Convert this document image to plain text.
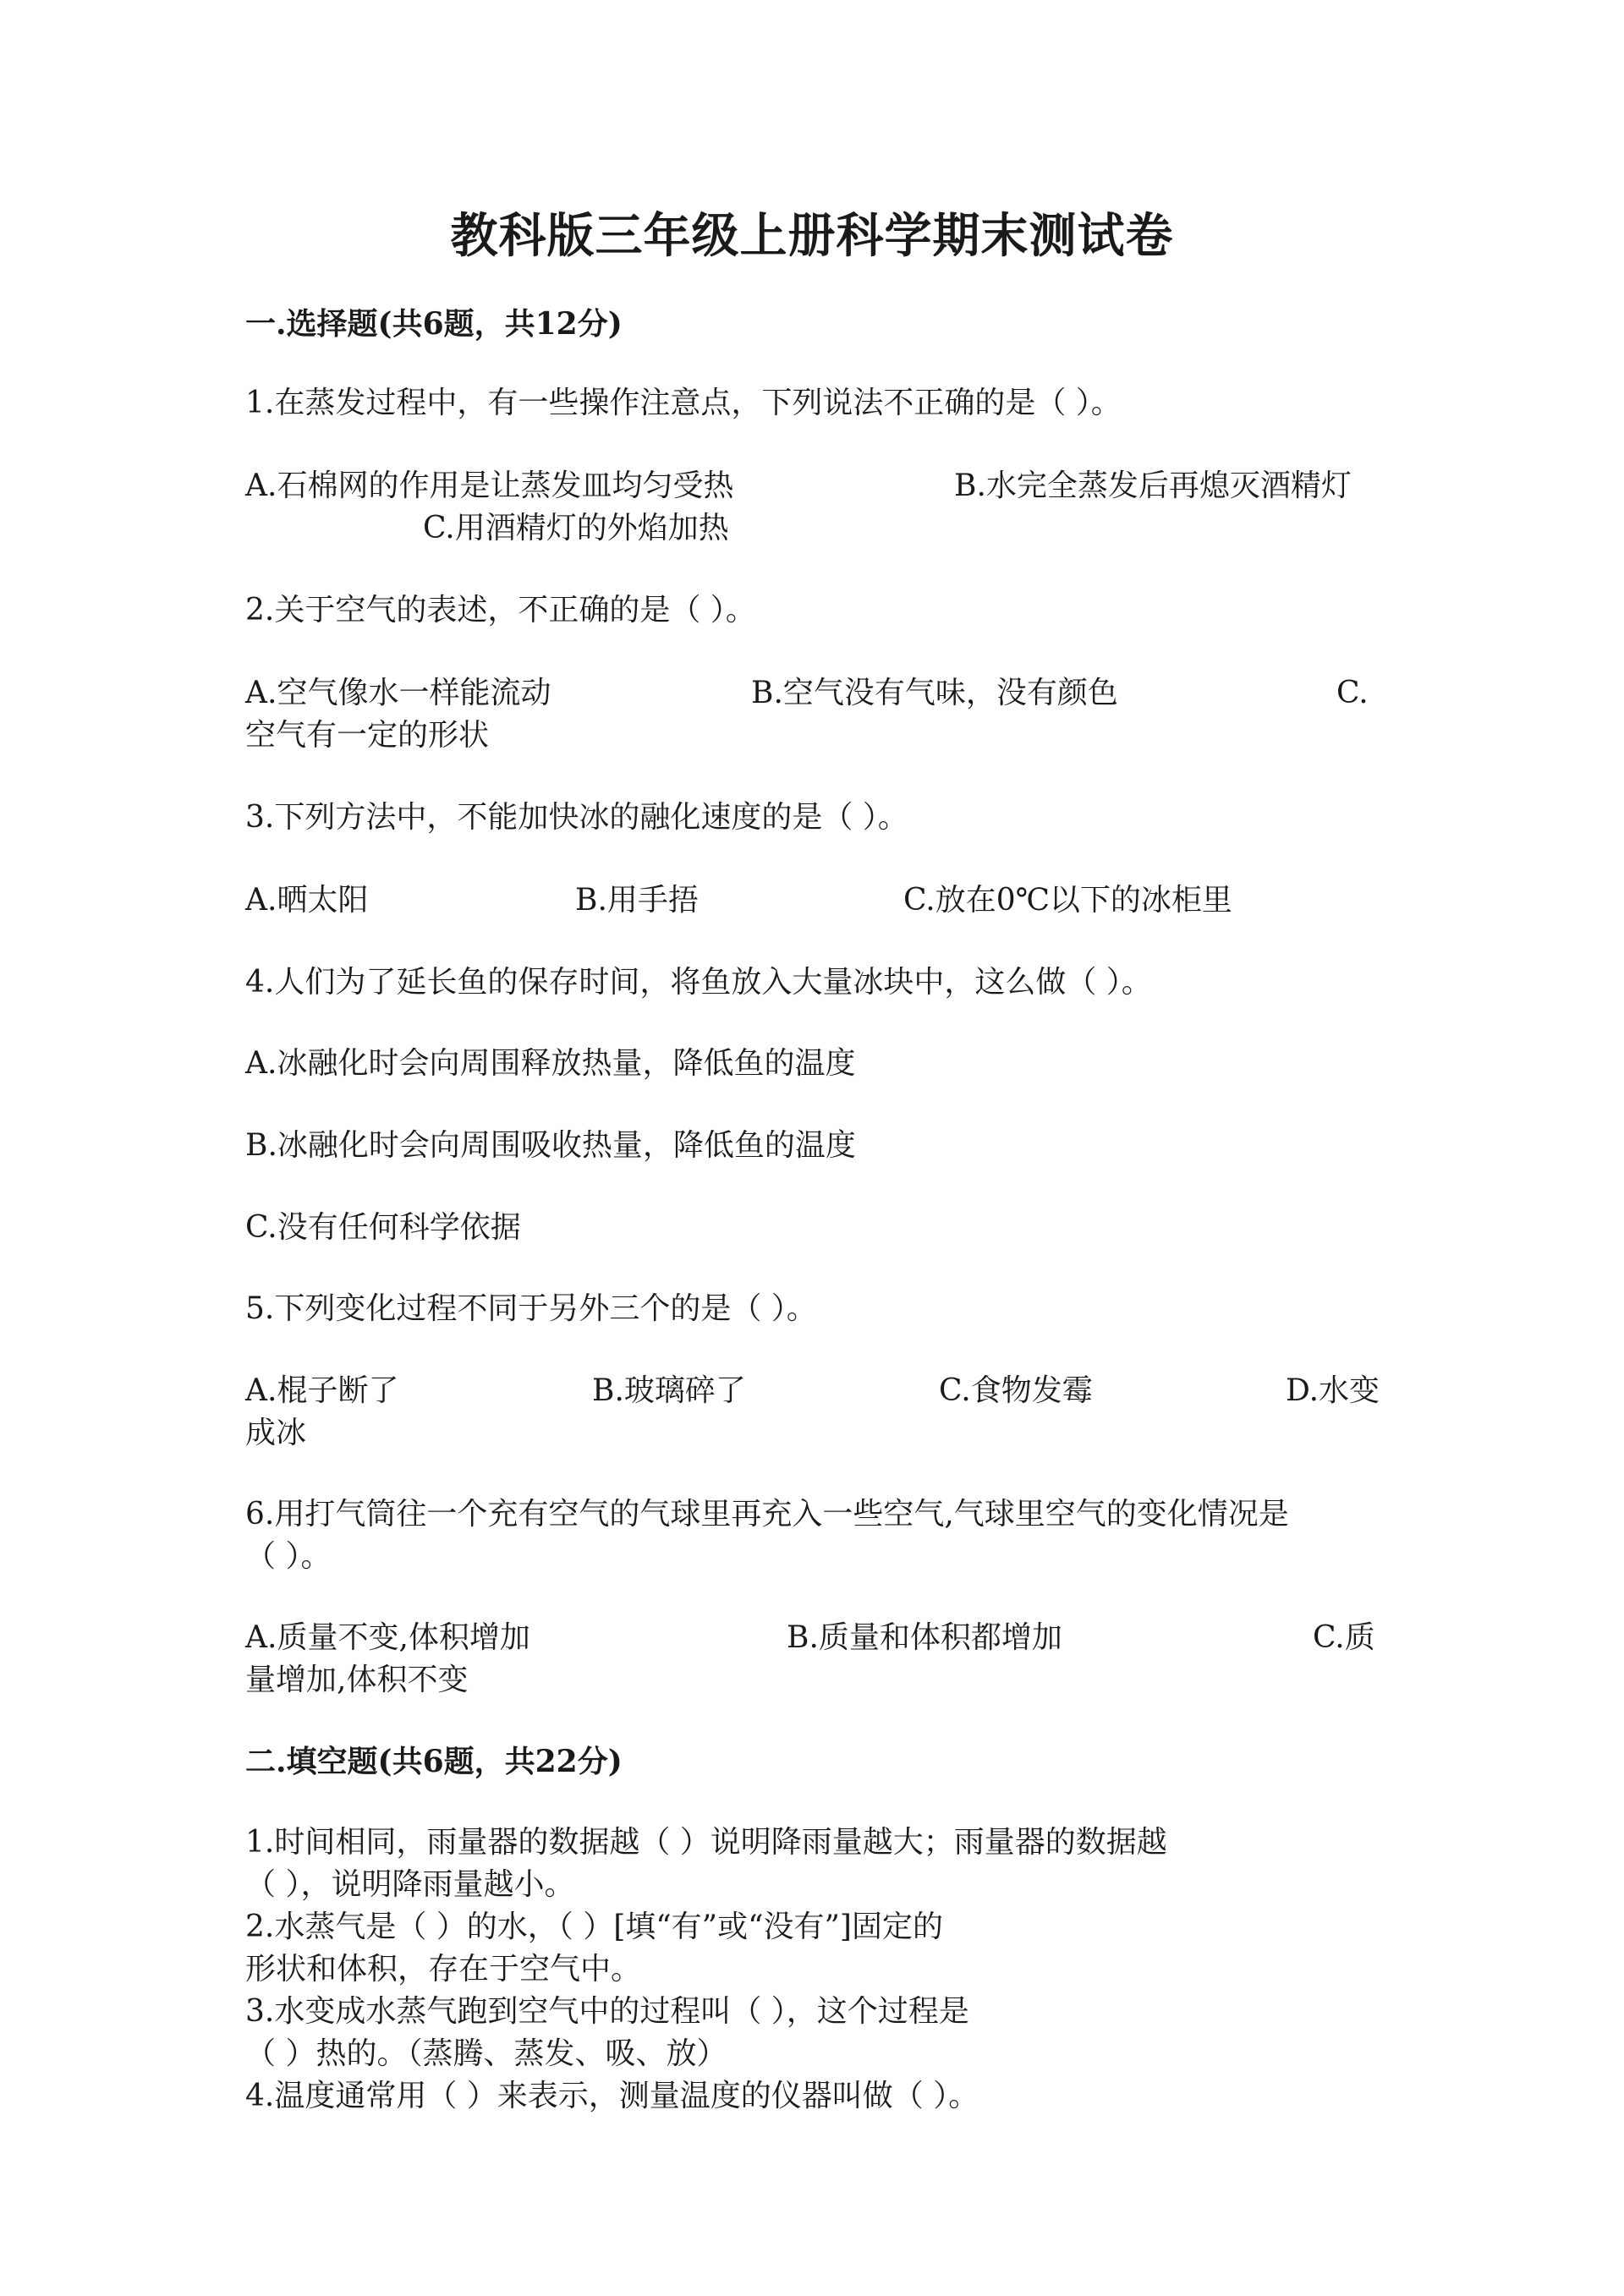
教科版三年级上册科学期末测试卷
一.选择题(共6题，共12分)
1.在蒸发过程中，有一些操作注意点，下列说法不正确的是（ ）。
A.石棉网的作用是让蒸发皿均匀受热	B.水完全蒸发后再熄灭酒精灯
C.用酒精灯的外焰加热
2.关于空气的表述，不正确的是（ ）。
A.空气像水一样能流动	B.空气没有气味，没有颜色	C.
空气有一定的形状
3.下列方法中，不能加快冰的融化速度的是（ ）。
A.晒太阳	B.用手捂	C.放在0℃以下的冰柜里
4.人们为了延长鱼的保存时间，将鱼放入大量冰块中，这么做（ ）。
A.冰融化时会向周围释放热量，降低鱼的温度
B.冰融化时会向周围吸收热量，降低鱼的温度
C.没有任何科学依据
5.下列变化过程不同于另外三个的是（ ）。
A.棍子断了	B.玻璃碎了	C.食物发霉	D.水变
成冰
6.用打气筒往一个充有空气的气球里再充入一些空气,气球里空气的变化情况是
（ ）。
A.质量不变,体积增加	B.质量和体积都增加	C.质
量增加,体积不变
二.填空题(共6题，共22分)
1.时间相同，雨量器的数据越（ ）说明降雨量越大；雨量器的数据越
（ ），说明降雨量越小。
2.水蒸气是（ ）的水，（ ）[填“有”或“没有”]固定的
形状和体积，存在于空气中。
3.水变成水蒸气跑到空气中的过程叫（ ），这个过程是
（ ）热的。（蒸腾、蒸发、吸、放）
4.温度通常用（ ）来表示，测量温度的仪器叫做（ ）。
